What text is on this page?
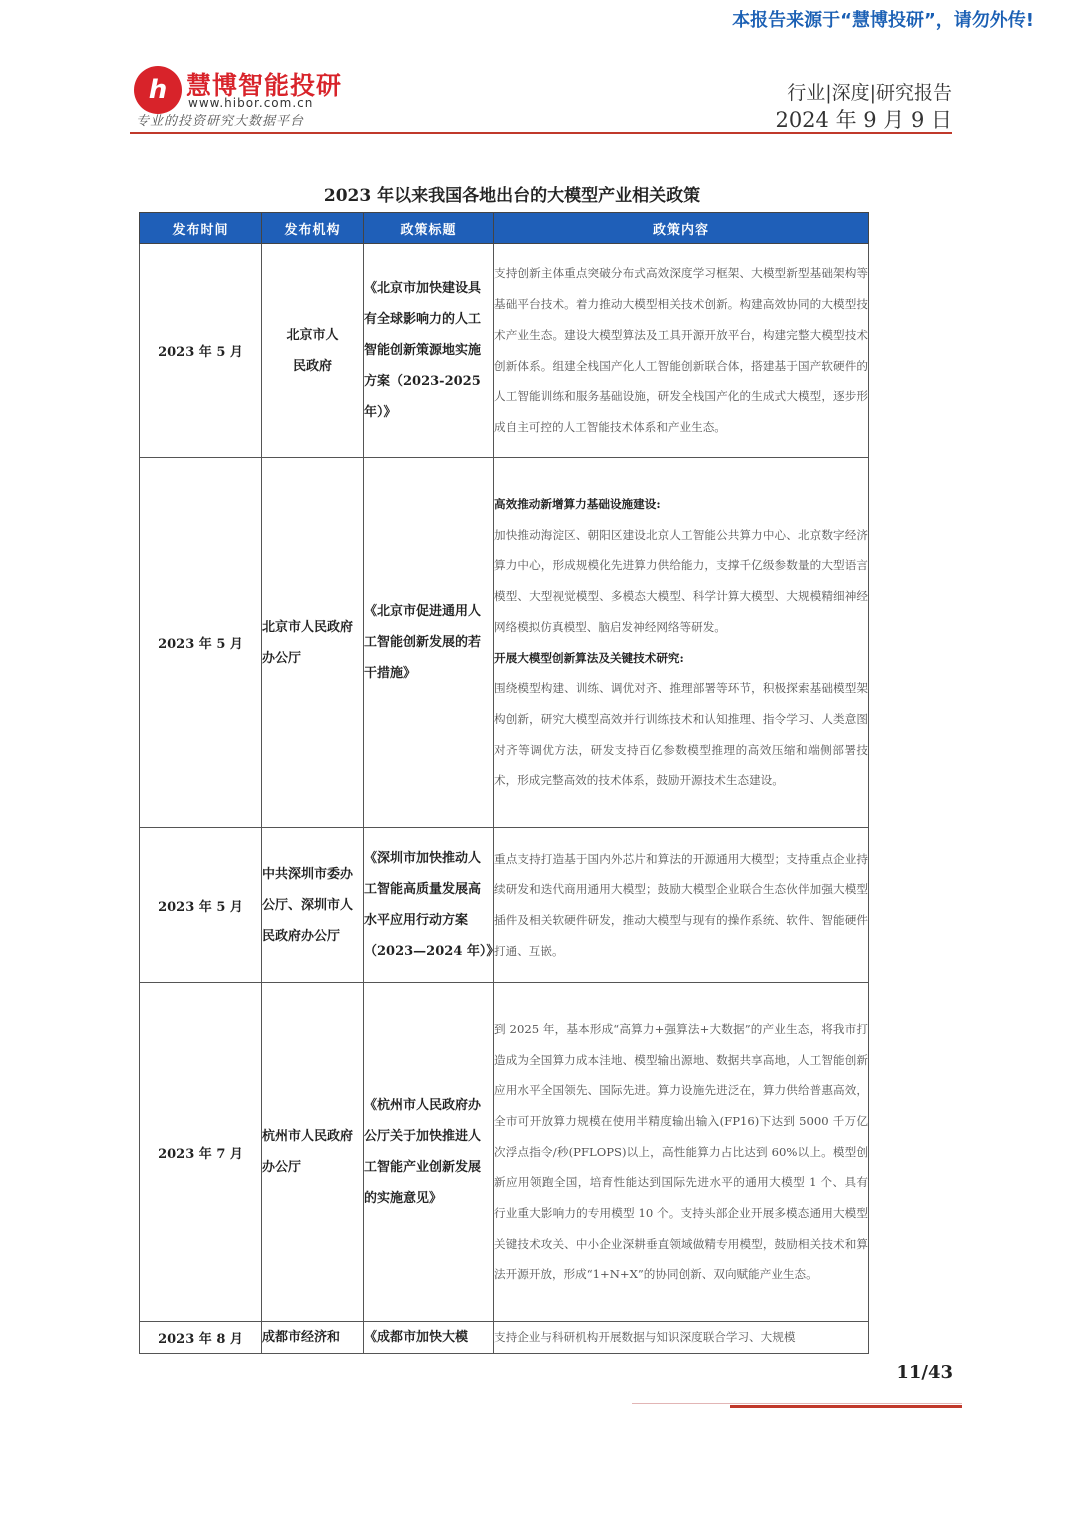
本报告来源于“慧博投研”，请勿外传!
h 慧博智能投研
www.hibor.com.cn
专业的投资研究大数据平台
行业|深度|研究报告
2024 年 9 月 9 日
2023 年以来我国各地出台的大模型产业相关政策
发布时间	发布机构	政策标题	政策内容
2023 年 5 月	北京市人民政府	《北京市加快建设具有全球影响力的人工智能创新策源地实施方案（2023-2025 年）》	支持创新主体重点突破分布式高效深度学习框架、大模型新型基础架构等基础平台技术。着力推动大模型相关技术创新。构建高效协同的大模型技术产业生态。建设大模型算法及工具开源开放平台，构建完整大模型技术创新体系。组建全栈国产化人工智能创新联合体，搭建基于国产软硬件的人工智能训练和服务基础设施，研发全栈国产化的生成式大模型，逐步形成自主可控的人工智能技术体系和产业生态。
2023 年 5 月	北京市人民政府办公厅	《北京市促进通用人工智能创新发展的若干措施》	高效推动新增算力基础设施建设:
加快推动海淀区、朝阳区建设北京人工智能公共算力中心、北京数字经济算力中心，形成规模化先进算力供给能力，支撑千亿级参数量的大型语言模型、大型视觉模型、多模态大模型、科学计算大模型、大规模精细神经网络模拟仿真模型、脑启发神经网络等研发。
开展大模型创新算法及关键技术研究:
围绕模型构建、训练、调优对齐、推理部署等环节，积极探索基础模型架构创新，研究大模型高效并行训练技术和认知推理、指令学习、人类意图对齐等调优方法，研发支持百亿参数模型推理的高效压缩和端侧部署技术，形成完整高效的技术体系，鼓励开源技术生态建设。

2023 年 5 月	中共深圳市委办公厅、深圳市人民政府办公厅	《深圳市加快推动人工智能高质量发展高水平应用行动方案（2023—2024 年）》	重点支持打造基于国内外芯片和算法的开源通用大模型；支持重点企业持续研发和迭代商用通用大模型；鼓励大模型企业联合生态伙伴加强大模型插件及相关软硬件研发，推动大模型与现有的操作系统、软件、智能硬件打通、互嵌。
2023 年 7 月	杭州市人民政府办公厅	《杭州市人民政府办公厅关于加快推进人工智能产业创新发展的实施意见》	到 2025 年，基本形成“高算力+强算法+大数据”的产业生态，将我市打造成为全国算力成本洼地、模型输出源地、数据共享高地，人工智能创新应用水平全国领先、国际先进。算力设施先进泛在，算力供给普惠高效，全市可开放算力规模在使用半精度输出输入(FP16)下达到 5000 千万亿次浮点指令/秒(PFLOPS)以上，高性能算力占比达到 60%以上。模型创新应用领跑全国，培育性能达到国际先进水平的通用大模型 1 个、具有行业重大影响力的专用模型 10 个。支持头部企业开展多模态通用大模型关键技术攻关、中小企业深耕垂直领域做精专用模型，鼓励相关技术和算法开源开放，形成“1+N+X”的协同创新、双向赋能产业生态。
2023 年 8 月	成都市经济和	《成都市加快大模	支持企业与科研机构开展数据与知识深度联合学习、大规模
11/43
